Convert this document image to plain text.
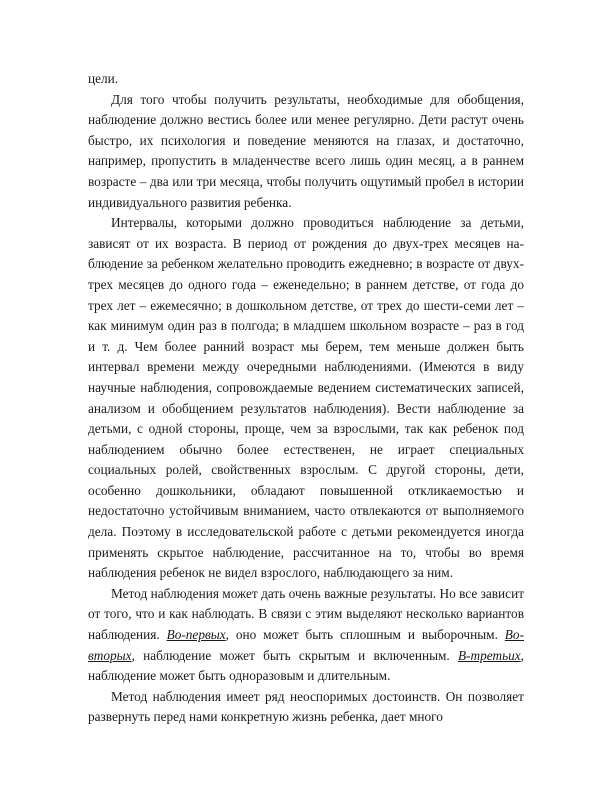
цели.

Для того чтобы получить результаты, необходимые для обобщения, наблюдение должно вестись более или менее регулярно. Дети растут очень быстро, их психология и поведение меняются на глазах, и достаточно, например, пропустить в младенчестве всего лишь один месяц, а в раннем возрасте – два или три месяца, чтобы получить ощутимый пробел в истории индивидуального развития ребенка.

Интервалы, которыми должно проводиться наблюдение за детьми, зависят от их возраста. В период от рождения до двух-трех месяцев на-блюдение за ребенком желательно проводить ежедневно; в возрасте от двух-трех месяцев до одного года – еженедельно; в раннем детстве, от года до трех лет – ежемесячно; в дошкольном детстве, от трех до шести-семи лет – как минимум один раз в полгода; в младшем школьном возрасте – раз в год и т. д. Чем более ранний возраст мы берем, тем меньше должен быть интервал времени между очередными наблюдениями. (Имеются в виду научные наблюдения, сопровождаемые ведением систематических записей, анализом и обобщением результатов наблюдения). Вести наблюдение за детьми, с одной стороны, проще, чем за взрослыми, так как ребенок под наблюдением обычно более естественен, не играет специальных социальных ролей, свойственных взрослым. С другой стороны, дети, особенно дошкольники, обладают повышенной откликаемостью и недостаточно устойчивым вниманием, часто отвлекаются от выполняемого дела. Поэтому в исследовательской работе с детьми рекомендуется иногда применять скрытое наблюдение, рассчитанное на то, чтобы во время наблюдения ребенок не видел взрослого, наблюдающего за ним.

Метод наблюдения может дать очень важные результаты. Но все зависит от того, что и как наблюдать. В связи с этим выделяют несколько вариантов наблюдения. Во-первых, оно может быть сплошным и выборочным. Во-вторых, наблюдение может быть скрытым и включенным. В-третьих, наблюдение может быть одноразовым и длительным.

Метод наблюдения имеет ряд неоспоримых достоинств. Он позволяет развернуть перед нами конкретную жизнь ребенка, дает много
